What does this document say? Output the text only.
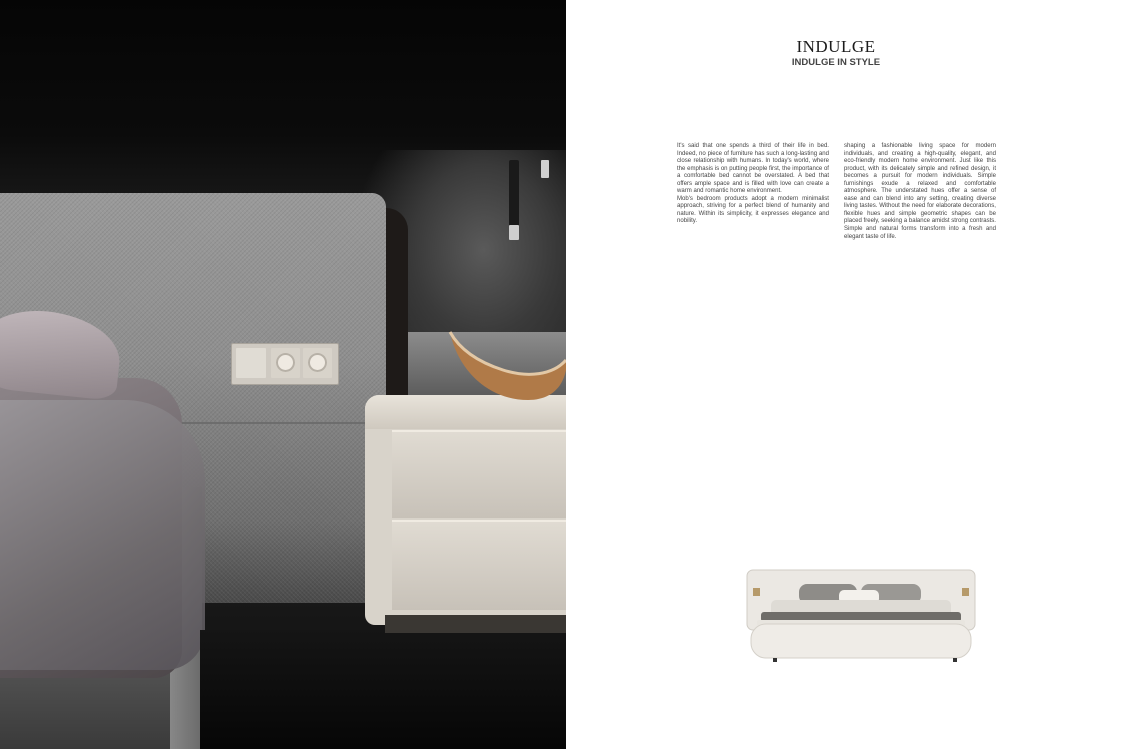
INDULGE
INDULGE IN STYLE

It's said that one spends a third of their life in bed. Indeed, no piece of furniture has such a long-lasting and close relationship with humans. In today's world, where the emphasis is on putting people first, the importance of a comfortable bed cannot be overstated. A bed that offers ample space and is filled with love can create a warm and romantic home environment.

Mob's bedroom products adopt a modern minimalist approach, striving for a perfect blend of humanity and nature. Within its simplicity, it expresses elegance and nobility.

shaping a fashionable living space for modern individuals, and creating a high-quality, elegant, and eco-friendly modern home environment. Just like this product, with its delicately simple and refined design, it becomes a pursuit for modern individuals. Simple furnishings exude a relaxed and comfortable atmosphere. The understated hues offer a sense of ease and can blend into any setting, creating diverse living tastes. Without the need for elaborate decorations, flexible hues and simple geometric shapes can be placed freely, seeking a balance amidst strong contrasts. Simple and natural forms transform into a fresh and elegant taste of life.
